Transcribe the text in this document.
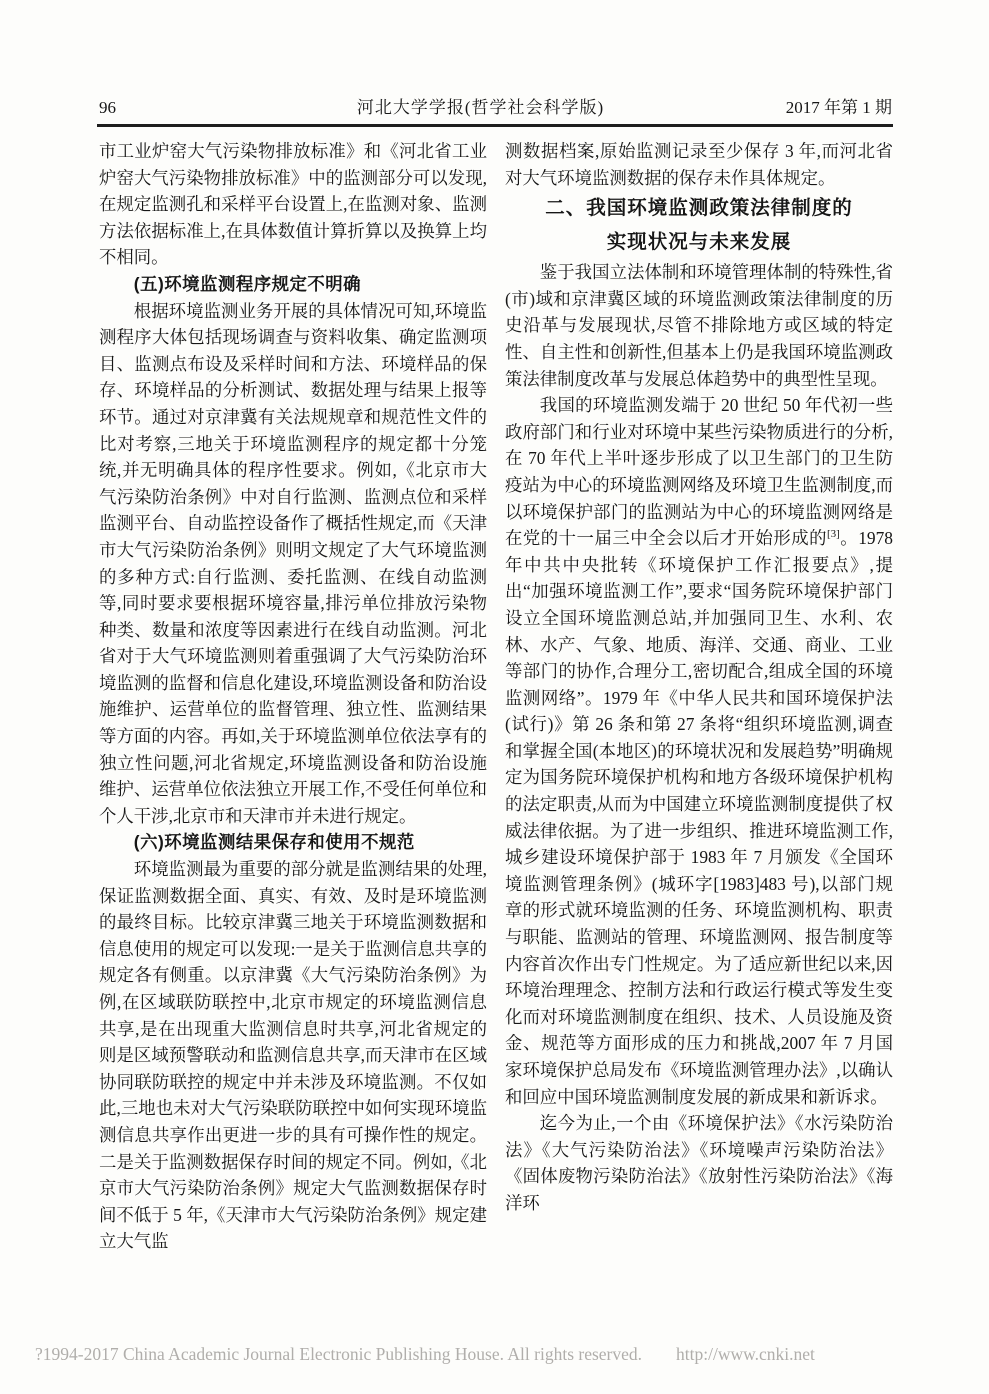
96	河北大学学报(哲学社会科学版)	2017 年第 1 期

市工业炉窑大气污染物排放标准》和《河北省工业炉窑大气污染物排放标准》中的监测部分可以发现,在规定监测孔和采样平台设置上,在监测对象、监测方法依据标准上,在具体数值计算折算以及换算上均不相同。

(五)环境监测程序规定不明确

根据环境监测业务开展的具体情况可知,环境监测程序大体包括现场调查与资料收集、确定监测项目、监测点布设及采样时间和方法、环境样品的保存、环境样品的分析测试、数据处理与结果上报等环节。通过对京津冀有关法规规章和规范性文件的比对考察,三地关于环境监测程序的规定都十分笼统,并无明确具体的程序性要求。例如,《北京市大气污染防治条例》中对自行监测、监测点位和采样监测平台、自动监控设备作了概括性规定,而《天津市大气污染防治条例》则明文规定了大气环境监测的多种方式:自行监测、委托监测、在线自动监测等,同时要求要根据环境容量,排污单位排放污染物种类、数量和浓度等因素进行在线自动监测。河北省对于大气环境监测则着重强调了大气污染防治环境监测的监督和信息化建设,环境监测设备和防治设施维护、运营单位的监督管理、独立性、监测结果等方面的内容。再如,关于环境监测单位依法享有的独立性问题,河北省规定,环境监测设备和防治设施维护、运营单位依法独立开展工作,不受任何单位和个人干涉,北京市和天津市并未进行规定。

(六)环境监测结果保存和使用不规范

环境监测最为重要的部分就是监测结果的处理,保证监测数据全面、真实、有效、及时是环境监测的最终目标。比较京津冀三地关于环境监测数据和信息使用的规定可以发现:一是关于监测信息共享的规定各有侧重。以京津冀《大气污染防治条例》为例,在区域联防联控中,北京市规定的环境监测信息共享,是在出现重大监测信息时共享,河北省规定的则是区域预警联动和监测信息共享,而天津市在区域协同联防联控的规定中并未涉及环境监测。不仅如此,三地也未对大气污染联防联控中如何实现环境监测信息共享作出更进一步的具有可操作性的规定。二是关于监测数据保存时间的规定不同。例如,《北京市大气污染防治条例》规定大气监测数据保存时间不低于 5 年,《天津市大气污染防治条例》规定建立大气监

测数据档案,原始监测记录至少保存 3 年,而河北省对大气环境监测数据的保存未作具体规定。

二、我国环境监测政策法律制度的
实现状况与未来发展

鉴于我国立法体制和环境管理体制的特殊性,省(市)域和京津冀区域的环境监测政策法律制度的历史沿革与发展现状,尽管不排除地方或区域的特定性、自主性和创新性,但基本上仍是我国环境监测政策法律制度改革与发展总体趋势中的典型性呈现。

我国的环境监测发端于 20 世纪 50 年代初一些政府部门和行业对环境中某些污染物质进行的分析,在 70 年代上半叶逐步形成了以卫生部门的卫生防疫站为中心的环境监测网络及环境卫生监测制度,而以环境保护部门的监测站为中心的环境监测网络是在党的十一届三中全会以后才开始形成的[3]。1978 年中共中央批转《环境保护工作汇报要点》,提出“加强环境监测工作”,要求“国务院环境保护部门设立全国环境监测总站,并加强同卫生、水利、农林、水产、气象、地质、海洋、交通、商业、工业等部门的协作,合理分工,密切配合,组成全国的环境监测网络”。1979 年《中华人民共和国环境保护法(试行)》第 26 条和第 27 条将“组织环境监测,调查和掌握全国(本地区)的环境状况和发展趋势”明确规定为国务院环境保护机构和地方各级环境保护机构的法定职责,从而为中国建立环境监测制度提供了权威法律依据。为了进一步组织、推进环境监测工作,城乡建设环境保护部于 1983 年 7 月颁发《全国环境监测管理条例》(城环字[1983]483 号),以部门规章的形式就环境监测的任务、环境监测机构、职责与职能、监测站的管理、环境监测网、报告制度等内容首次作出专门性规定。为了适应新世纪以来,因环境治理理念、控制方法和行政运行模式等发生变化而对环境监测制度在组织、技术、人员设施及资金、规范等方面形成的压力和挑战,2007 年 7 月国家环境保护总局发布《环境监测管理办法》,以确认和回应中国环境监测制度发展的新成果和新诉求。

迄今为止,一个由《环境保护法》《水污染防治法》《大气污染防治法》《环境噪声污染防治法》《固体废物污染防治法》《放射性污染防治法》《海洋环

?1994-2017 China Academic Journal Electronic Publishing House. All rights reserved. http://www.cnki.net
